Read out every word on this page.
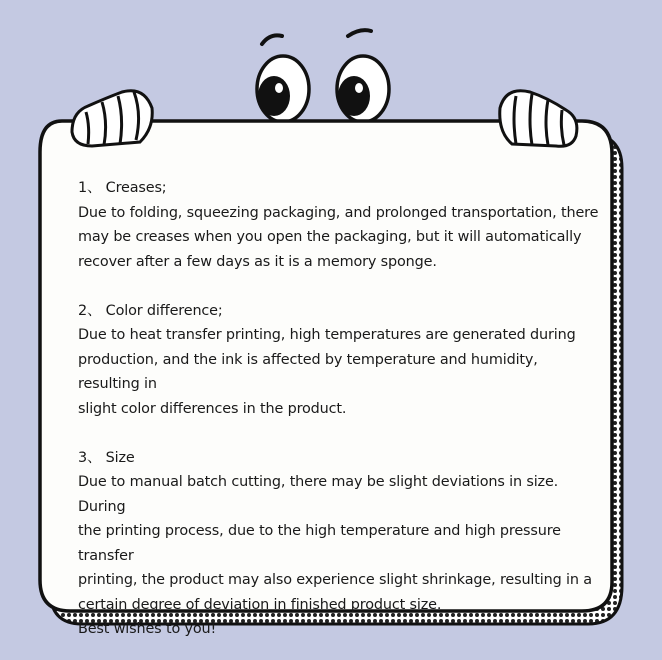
1、 Creases;

Due to folding, squeezing packaging, and prolonged transportation, there

may be creases when you open the packaging, but it will automatically

recover after a few days as it is a memory sponge.

2、 Color difference;

Due to heat transfer printing, high temperatures are generated during

production, and the ink is affected by temperature and humidity, resulting in

slight color differences in the product.

3、 Size

Due to manual batch cutting, there may be slight deviations in size. During

the printing process, due to the high temperature and high pressure transfer

printing, the product may also experience slight shrinkage, resulting in a

certain degree of deviation in finished product size.

Best wishes to you!
